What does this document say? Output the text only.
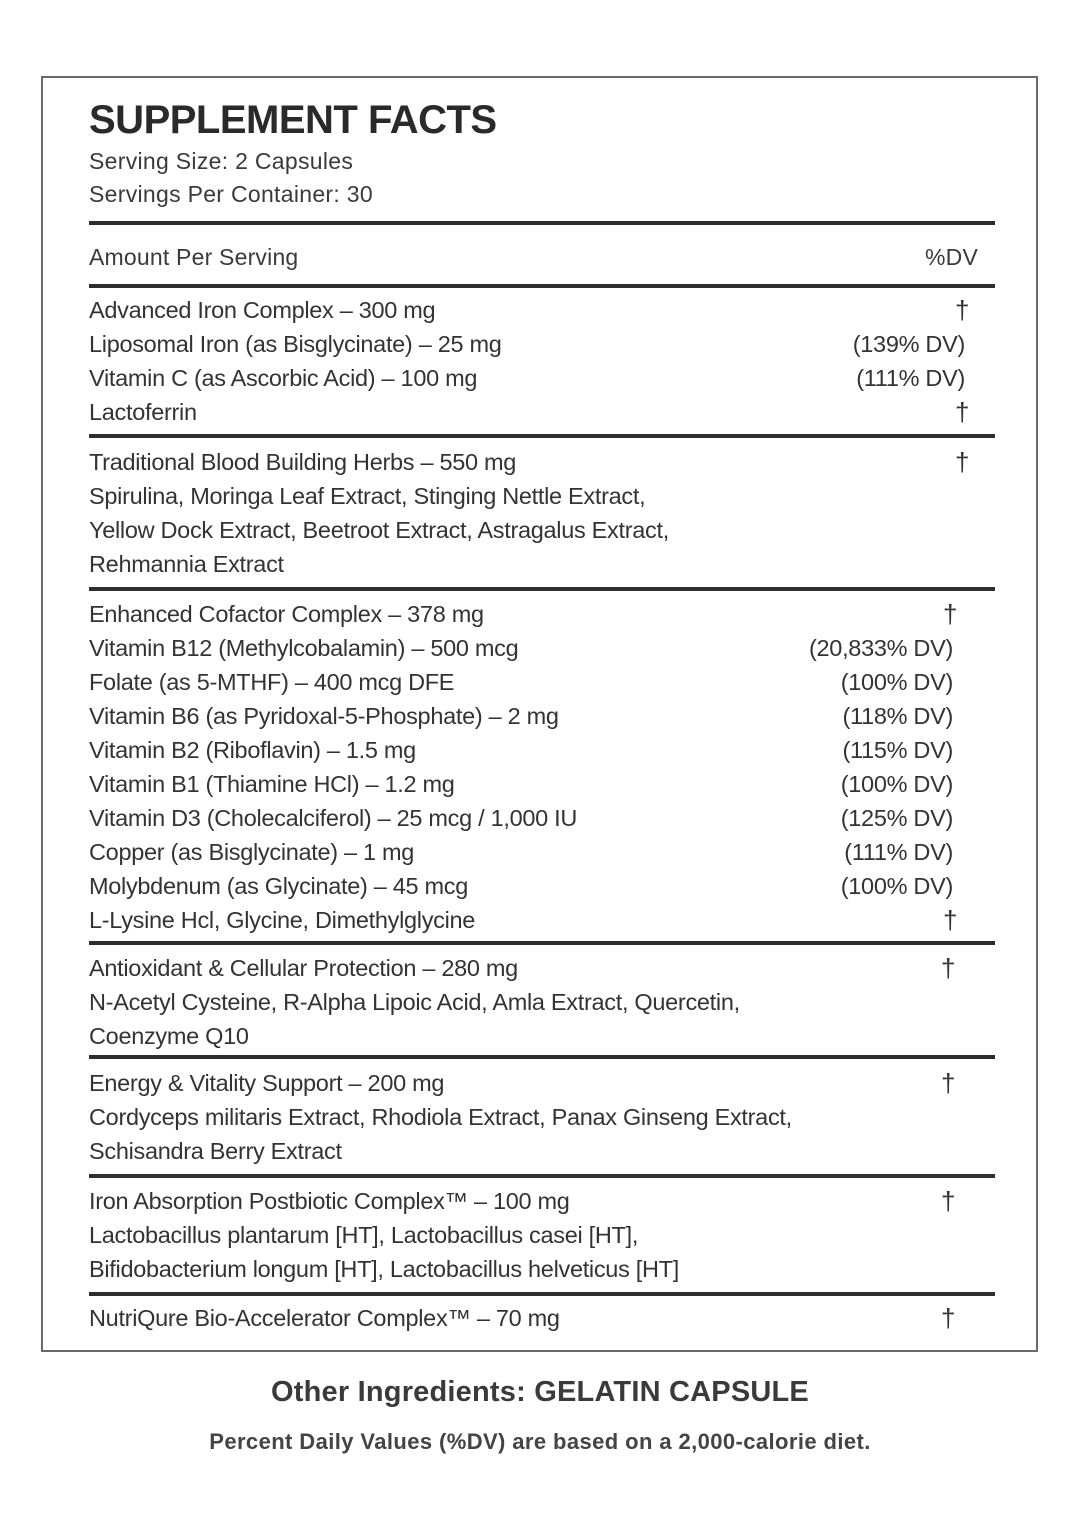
SUPPLEMENT FACTS
Serving Size: 2 Capsules
Servings Per Container: 30
Amount Per Serving	%DV
Advanced Iron Complex – 300 mg	†
Liposomal Iron (as Bisglycinate) – 25 mg	(139% DV)
Vitamin C (as Ascorbic Acid) – 100 mg	(111% DV)
Lactoferrin	†
Traditional Blood Building Herbs – 550 mg	†
Spirulina, Moringa Leaf Extract, Stinging Nettle Extract,
Yellow Dock Extract, Beetroot Extract, Astragalus Extract,
Rehmannia Extract
Enhanced Cofactor Complex – 378 mg	†
Vitamin B12 (Methylcobalamin) – 500 mcg	(20,833% DV)
Folate (as 5-MTHF) – 400 mcg DFE	(100% DV)
Vitamin B6 (as Pyridoxal-5-Phosphate) – 2 mg	(118% DV)
Vitamin B2 (Riboflavin) – 1.5 mg	(115% DV)
Vitamin B1 (Thiamine HCl) – 1.2 mg	(100% DV)
Vitamin D3 (Cholecalciferol) – 25 mcg / 1,000 IU	(125% DV)
Copper (as Bisglycinate) – 1 mg	(111% DV)
Molybdenum (as Glycinate) – 45 mcg	(100% DV)
L-Lysine Hcl, Glycine, Dimethylglycine	†
Antioxidant & Cellular Protection – 280 mg	†
N-Acetyl Cysteine, R-Alpha Lipoic Acid, Amla Extract, Quercetin,
Coenzyme Q10
Energy & Vitality Support – 200 mg	†
Cordyceps militaris Extract, Rhodiola Extract, Panax Ginseng Extract,
Schisandra Berry Extract
Iron Absorption Postbiotic Complex™ – 100 mg	†
Lactobacillus plantarum [HT], Lactobacillus casei [HT],
Bifidobacterium longum [HT], Lactobacillus helveticus [HT]
NutriQure Bio-Accelerator Complex™ – 70 mg	†
Other Ingredients: GELATIN CAPSULE
Percent Daily Values (%DV) are based on a 2,000-calorie diet.
